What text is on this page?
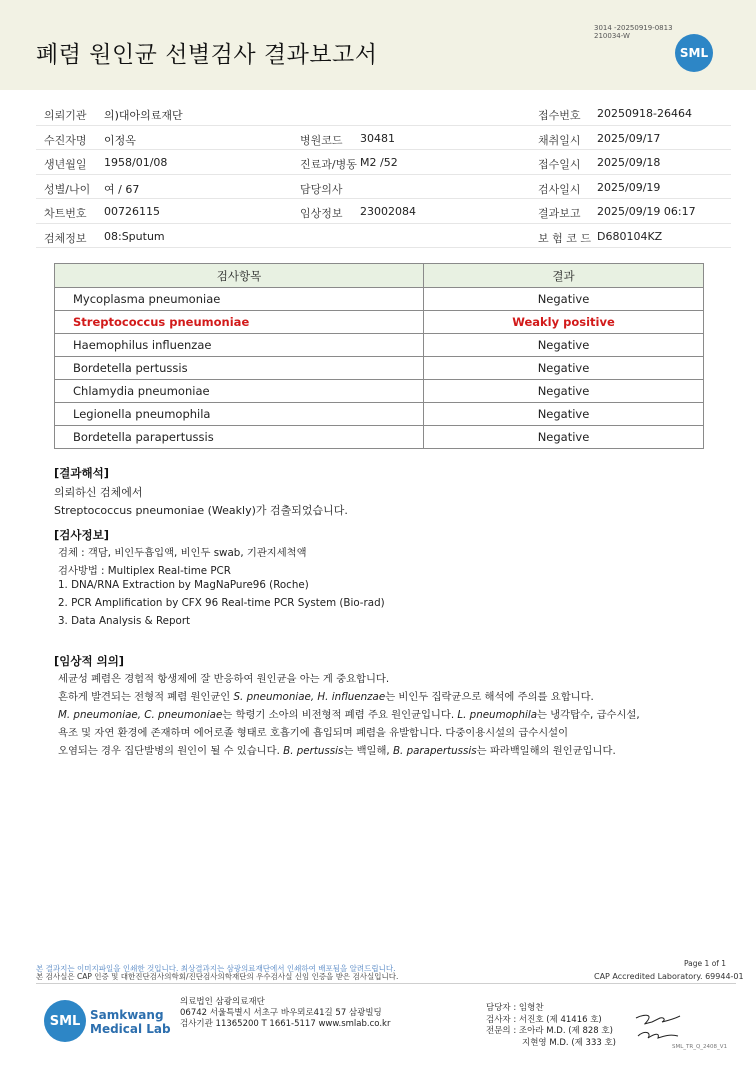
폐렴 원인균 선별검사 결과보고서
3014 -20250919-0813
210034-W
SML
의뢰기관 의)대아의료재단	접수번호 20250918-26464
수진자명 이정옥	병원코드 30481	채취일시 2025/09/17
생년월일 1958/01/08	진료과/병동 M2 /52	접수일시 2025/09/18
성별/나이 여 / 67	담당의사	검사일시 2025/09/19
차트번호 00726115	임상정보 23002084	결과보고 2025/09/19 06:17
검체정보 08:Sputum	보 험 코 드 D680104KZ
검사항목	결과
Mycoplasma pneumoniae	Negative
Streptococcus pneumoniae	Weakly positive
Haemophilus influenzae	Negative
Bordetella pertussis	Negative
Chlamydia pneumoniae	Negative
Legionella pneumophila	Negative
Bordetella parapertussis	Negative
[결과해석]
의뢰하신 검체에서
Streptococcus pneumoniae (Weakly)가 검출되었습니다.
[검사정보]
검체 : 객담, 비인두흡입액, 비인두 swab, 기관지세척액
검사방법 : Multiplex Real-time PCR
1. DNA/RNA Extraction by MagNaPure96 (Roche)
2. PCR Amplification by CFX 96 Real-time PCR System (Bio-rad)
3. Data Analysis & Report
[임상적 의의]
세균성 폐렴은 경험적 항생제에 잘 반응하여 원인균을 아는 게 중요합니다.
흔하게 발견되는 전형적 폐렴 원인균인 S. pneumoniae, H. influenzae는 비인두 집락균으로 해석에 주의를 요합니다.
M. pneumoniae, C. pneumoniae는 학령기 소아의 비전형적 폐렴 주요 원인균입니다. L. pneumophila는 냉각탑수, 급수시설,
욕조 및 자연 환경에 존재하며 에어로졸 형태로 호흡기에 흡입되며 폐렴을 유발합니다. 다중이용시설의 급수시설이
오염되는 경우 집단발병의 원인이 될 수 있습니다. B. pertussis는 백일해, B. parapertussis는 파라백일해의 원인균입니다.
Page 1 of 1
본 결과지는 이미지파일을 인쇄한 것입니다. 최상결과지는 삼광의료재단에서 인쇄하여 배포됨을 알려드립니다.
본 검사실은 CAP 인증 및 대한진단검사의학회/진단검사의학재단의 우수검사실 신임 인증을 받은 검사실입니다.	CAP Accredited Laboratory. 69944-01
SML Samkwang
Medical Lab
의료법인 삼광의료재단
06742 서울특별시 서초구 바우뫼로41길 57 삼광빌딩
검사기관 11365200 T 1661-5117 www.smlab.co.kr
담당자 : 임형찬
검사자 : 서진호 (제 41416 호)
전문의 : 조아라 M.D. (제 828 호)
지현영 M.D. (제 333 호)	SML_TR_Q_2408_V1
